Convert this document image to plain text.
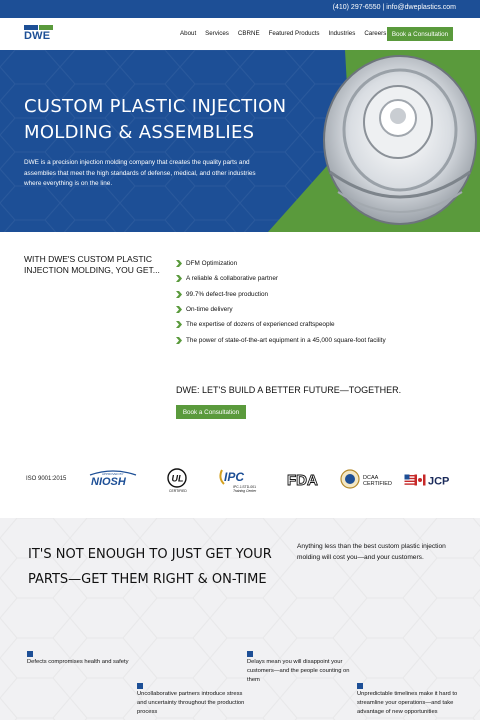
(410) 297-6550 | info@dweplastics.com
DWE	About Services CBRNE Featured Products Industries Careers Book a Consultation
CUSTOM PLASTIC INJECTION
MOLDING & ASSEMBLIES
DWE is a precision injection molding company that creates the quality parts and assemblies that meet the high standards of defense, medical, and other industries where everything is on the line.
WITH DWE'S CUSTOM PLASTIC INJECTION MOLDING, YOU GET...
DFM Optimization
A reliable & collaborative partner
99.7% defect-free production
On-time delivery
The expertise of dozens of experienced craftspeople
The power of state-of-the-art equipment in a 45,000 square-foot facility
DWE: LET'S BUILD A BETTER FUTURE—TOGETHER.
Book a Consultation
ISO 9001:2015
APPROVED BY
NIOSH	UL
CERTIFIED
IPC
IPC J-STD-001
Training Center
FDA	DCAA
CERTIFIED	JCP
IT'S NOT ENOUGH TO JUST GET YOUR PARTS—GET THEM RIGHT & ON-TIME
Anything less than the best custom plastic injection molding will cost you—and your customers.
Defects compromises health and safety
Uncollaborative partners introduce stress and uncertainty throughout the production process
Delays mean you will disappoint your customers—and the people counting on them
Unpredictable timelines make it hard to streamline your operations—and take advantage of new opportunities
